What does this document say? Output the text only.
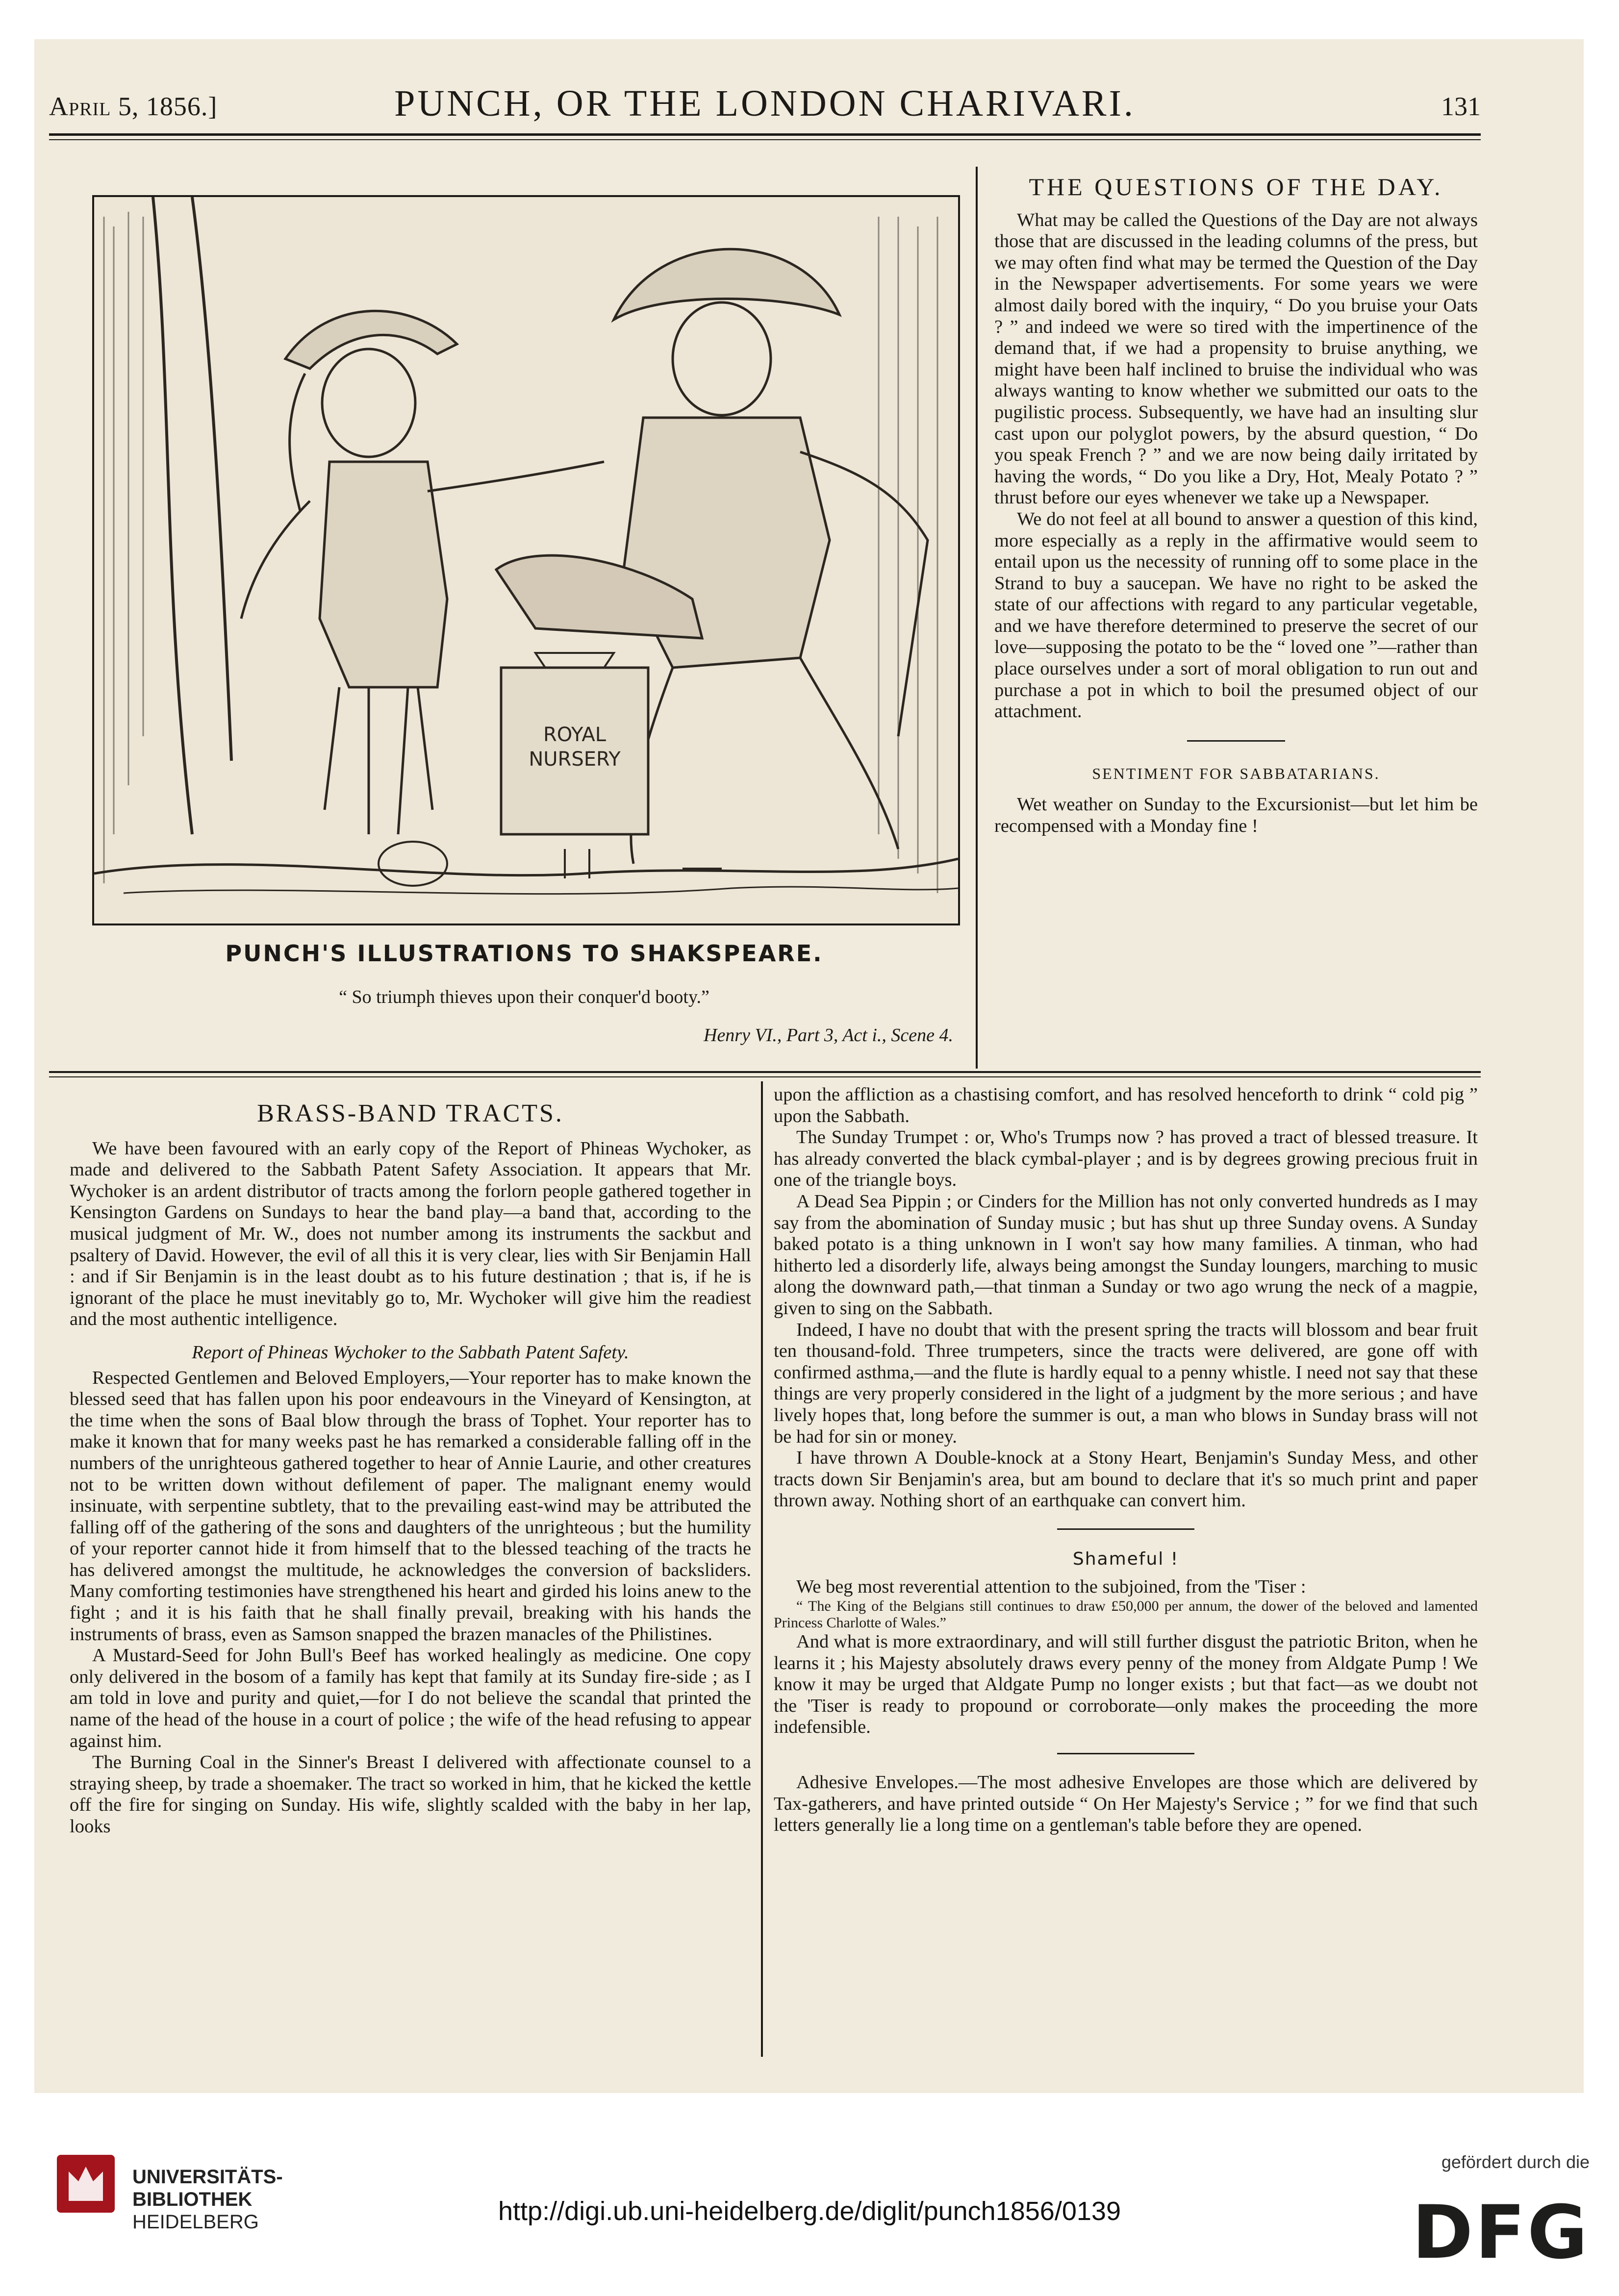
April 5, 1856.]	PUNCH, OR THE LONDON CHARIVARI.	131
ROYAL
NURSERY
PUNCH'S ILLUSTRATIONS TO SHAKSPEARE.
“ So triumph thieves upon their conquer'd booty.”
Henry VI., Part 3, Act i., Scene 4.
THE QUESTIONS OF THE DAY.

What may be called the Questions of the Day are not always those that are discussed in the leading columns of the press, but we may often find what may be termed the Question of the Day in the Newspaper advertisements. For some years we were almost daily bored with the inquiry, “ Do you bruise your Oats ? ” and indeed we were so tired with the impertinence of the demand that, if we had a propensity to bruise anything, we might have been half inclined to bruise the individual who was always wanting to know whether we submitted our oats to the pugilistic process. Subsequently, we have had an insulting slur cast upon our polyglot powers, by the absurd question, “ Do you speak French ? ” and we are now being daily irritated by having the words, “ Do you like a Dry, Hot, Mealy Potato ? ” thrust before our eyes whenever we take up a Newspaper.

We do not feel at all bound to answer a question of this kind, more especially as a reply in the affirmative would seem to entail upon us the necessity of running off to some place in the Strand to buy a saucepan. We have no right to be asked the state of our affections with regard to any particular vegetable, and we have therefore determined to preserve the secret of our love—supposing the potato to be the “ loved one ”—rather than place ourselves under a sort of moral obligation to run out and purchase a pot in which to boil the presumed object of our attachment.

SENTIMENT FOR SABBATARIANS.

Wet weather on Sunday to the Excursionist—but let him be recompensed with a Monday fine !

BRASS-BAND TRACTS.

We have been favoured with an early copy of the Report of Phineas Wychoker, as made and delivered to the Sabbath Patent Safety Association. It appears that Mr. Wychoker is an ardent distributor of tracts among the forlorn people gathered together in Kensington Gardens on Sundays to hear the band play—a band that, according to the musical judgment of Mr. W., does not number among its instruments the sackbut and psaltery of David. However, the evil of all this it is very clear, lies with Sir Benjamin Hall : and if Sir Benjamin is in the least doubt as to his future destination ; that is, if he is ignorant of the place he must inevitably go to, Mr. Wychoker will give him the readiest and the most authentic intelligence.

Report of Phineas Wychoker to the Sabbath Patent Safety.

Respected Gentlemen and Beloved Employers,—Your reporter has to make known the blessed seed that has fallen upon his poor endeavours in the Vineyard of Kensington, at the time when the sons of Baal blow through the brass of Tophet. Your reporter has to make it known that for many weeks past he has remarked a considerable falling off in the numbers of the unrighteous gathered together to hear of Annie Laurie, and other creatures not to be written down without defilement of paper. The malignant enemy would insinuate, with serpentine subtlety, that to the prevailing east-wind may be attributed the falling off of the gathering of the sons and daughters of the unrighteous ; but the humility of your reporter cannot hide it from himself that to the blessed teaching of the tracts he has delivered amongst the multitude, he acknowledges the conversion of backsliders. Many comforting testimonies have strengthened his heart and girded his loins anew to the fight ; and it is his faith that he shall finally prevail, breaking with his hands the instruments of brass, even as Samson snapped the brazen manacles of the Philistines.

A Mustard-Seed for John Bull's Beef has worked healingly as medicine. One copy only delivered in the bosom of a family has kept that family at its Sunday fire-side ; as I am told in love and purity and quiet,—for I do not believe the scandal that printed the name of the head of the house in a court of police ; the wife of the head refusing to appear against him.

The Burning Coal in the Sinner's Breast I delivered with affectionate counsel to a straying sheep, by trade a shoemaker. The tract so worked in him, that he kicked the kettle off the fire for singing on Sunday. His wife, slightly scalded with the baby in her lap, looks

upon the affliction as a chastising comfort, and has resolved henceforth to drink “ cold pig ” upon the Sabbath.

The Sunday Trumpet : or, Who's Trumps now ? has proved a tract of blessed treasure. It has already converted the black cymbal-player ; and is by degrees growing precious fruit in one of the triangle boys.

A Dead Sea Pippin ; or Cinders for the Million has not only converted hundreds as I may say from the abomination of Sunday music ; but has shut up three Sunday ovens. A Sunday baked potato is a thing unknown in I won't say how many families. A tinman, who had hitherto led a disorderly life, always being amongst the Sunday loungers, marching to music along the downward path,—that tinman a Sunday or two ago wrung the neck of a magpie, given to sing on the Sabbath.

Indeed, I have no doubt that with the present spring the tracts will blossom and bear fruit ten thousand-fold. Three trumpeters, since the tracts were delivered, are gone off with confirmed asthma,—and the flute is hardly equal to a penny whistle. I need not say that these things are very properly considered in the light of a judgment by the more serious ; and have lively hopes that, long before the summer is out, a man who blows in Sunday brass will not be had for sin or money.

I have thrown A Double-knock at a Stony Heart, Benjamin's Sunday Mess, and other tracts down Sir Benjamin's area, but am bound to declare that it's so much print and paper thrown away. Nothing short of an earthquake can convert him.

Shameful !

We beg most reverential attention to the subjoined, from the 'Tiser :

“ The King of the Belgians still continues to draw £50,000 per annum, the dower of the beloved and lamented Princess Charlotte of Wales.”

And what is more extraordinary, and will still further disgust the patriotic Briton, when he learns it ; his Majesty absolutely draws every penny of the money from Aldgate Pump ! We know it may be urged that Aldgate Pump no longer exists ; but that fact—as we doubt not the 'Tiser is ready to propound or corroborate—only makes the proceeding the more indefensible.

Adhesive Envelopes.—The most adhesive Envelopes are those which are delivered by Tax-gatherers, and have printed outside “ On Her Majesty's Service ; ” for we find that such letters generally lie a long time on a gentleman's table before they are opened.

UNIVERSITÄTS-
BIBLIOTHEK
HEIDELBERG	http://digi.ub.uni-heidelberg.de/diglit/punch1856/0139
gefördert durch die
DFG
